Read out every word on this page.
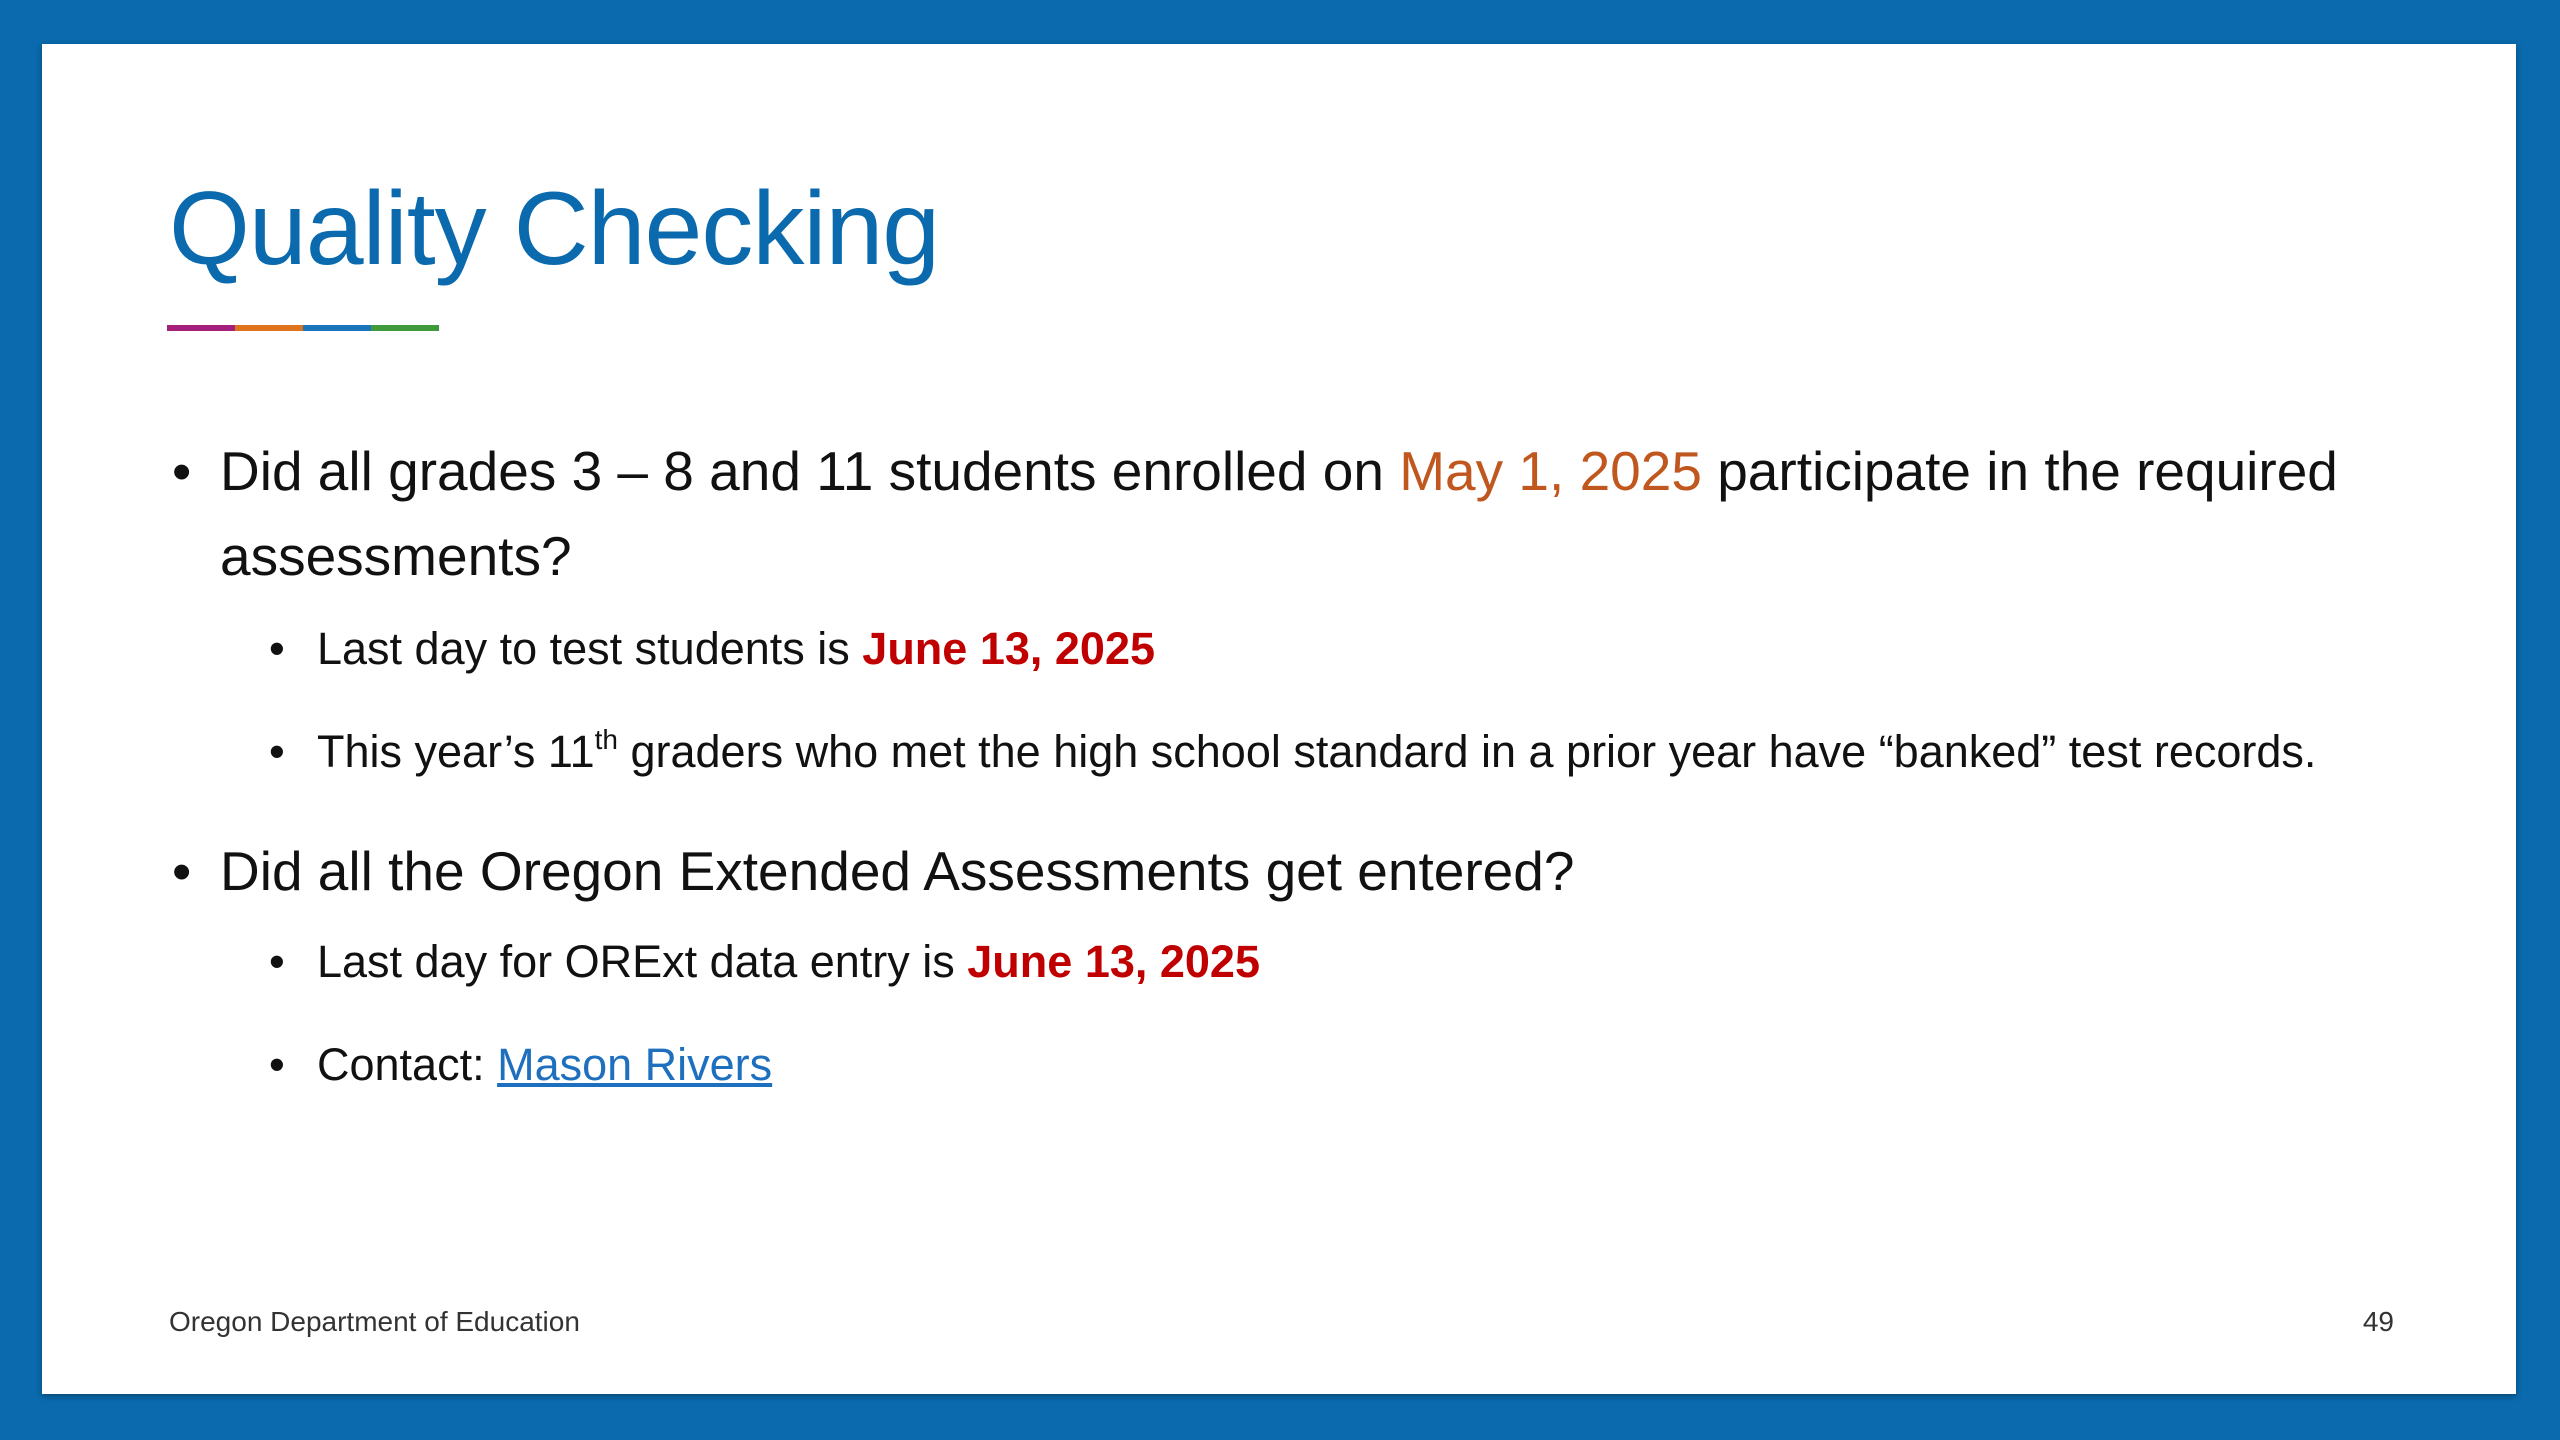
Quality Checking

• Did all grades 3 – 8 and 11 students enrolled on May 1, 2025 participate in the required assessments?

• Last day to test students is June 13, 2025
• This year’s 11th graders who met the high school standard in a prior year have “banked” test records.

• Did all the Oregon Extended Assessments get entered?

• Last day for ORExt data entry is June 13, 2025
• Contact: Mason Rivers
Oregon Department of Education	49
